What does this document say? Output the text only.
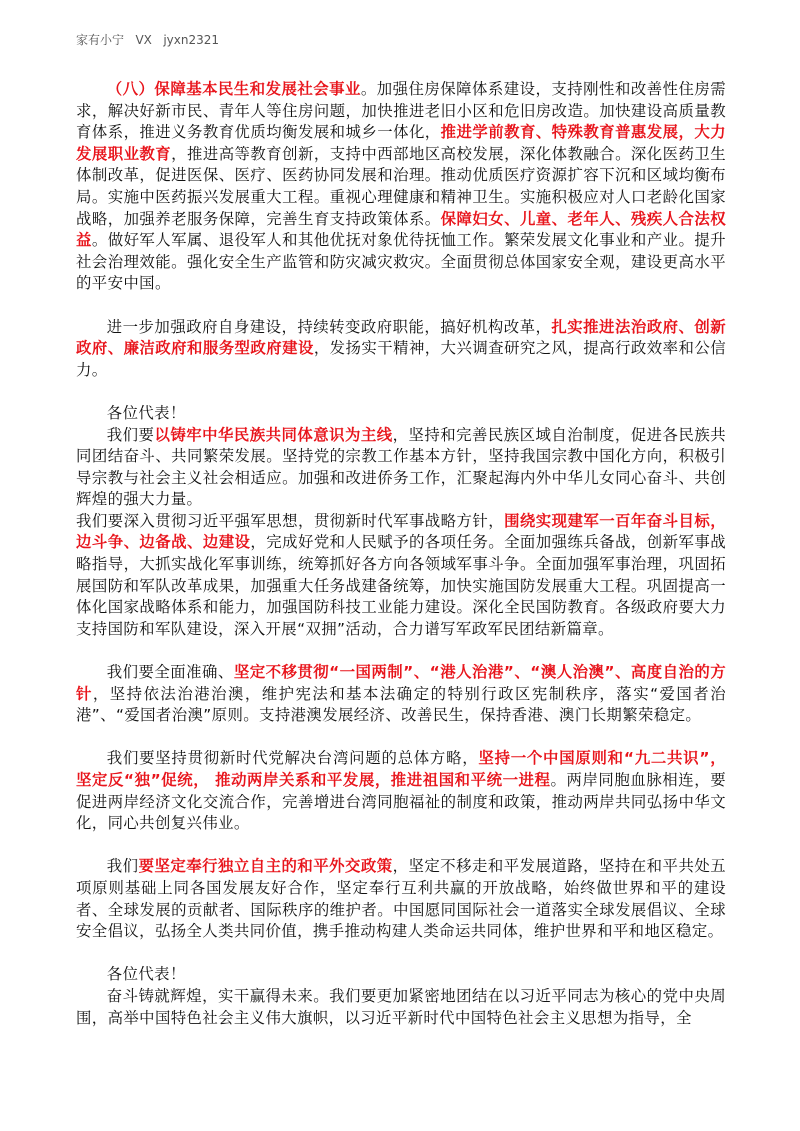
家有小宁   VX   jyxn2321

（八）保障基本民生和发展社会事业。加强住房保障体系建设，支持刚性和改善性住房需求，解决好新市民、青年人等住房问题，加快推进老旧小区和危旧房改造。加快建设高质量教育体系，推进义务教育优质均衡发展和城乡一体化，推进学前教育、特殊教育普惠发展，大力发展职业教育，推进高等教育创新，支持中西部地区高校发展，深化体教融合。深化医药卫生体制改革，促进医保、医疗、医药协同发展和治理。推动优质医疗资源扩容下沉和区域均衡布局。实施中医药振兴发展重大工程。重视心理健康和精神卫生。实施积极应对人口老龄化国家战略，加强养老服务保障，完善生育支持政策体系。保障妇女、儿童、老年人、残疾人合法权益。做好军人军属、退役军人和其他优抚对象优待抚恤工作。繁荣发展文化事业和产业。提升社会治理效能。强化安全生产监管和防灾减灾救灾。全面贯彻总体国家安全观，建设更高水平的平安中国。

进一步加强政府自身建设，持续转变政府职能，搞好机构改革，扎实推进法治政府、创新政府、廉洁政府和服务型政府建设，发扬实干精神，大兴调查研究之风，提高行政效率和公信力。

各位代表！

我们要以铸牢中华民族共同体意识为主线，坚持和完善民族区域自治制度，促进各民族共同团结奋斗、共同繁荣发展。坚持党的宗教工作基本方针，坚持我国宗教中国化方向，积极引导宗教与社会主义社会相适应。加强和改进侨务工作，汇聚起海内外中华儿女同心奋斗、共创辉煌的强大力量。

我们要深入贯彻习近平强军思想，贯彻新时代军事战略方针，围绕实现建军一百年奋斗目标，边斗争、边备战、边建设，完成好党和人民赋予的各项任务。全面加强练兵备战，创新军事战略指导，大抓实战化军事训练，统筹抓好各方向各领域军事斗争。全面加强军事治理，巩固拓展国防和军队改革成果，加强重大任务战建备统筹，加快实施国防发展重大工程。巩固提高一体化国家战略体系和能力，加强国防科技工业能力建设。深化全民国防教育。各级政府要大力支持国防和军队建设，深入开展“双拥”活动，合力谱写军政军民团结新篇章。

我们要全面准确、坚定不移贯彻“一国两制”、“港人治港”、“澳人治澳”、高度自治的方针，坚持依法治港治澳，维护宪法和基本法确定的特别行政区宪制秩序，落实“爱国者治港”、“爱国者治澳”原则。支持港澳发展经济、改善民生，保持香港、澳门长期繁荣稳定。

我们要坚持贯彻新时代党解决台湾问题的总体方略，坚持一个中国原则和“九二共识”，坚定反“独”促统， 推动两岸关系和平发展，推进祖国和平统一进程。两岸同胞血脉相连，要促进两岸经济文化交流合作，完善增进台湾同胞福祉的制度和政策，推动两岸共同弘扬中华文化，同心共创复兴伟业。

我们要坚定奉行独立自主的和平外交政策，坚定不移走和平发展道路，坚持在和平共处五项原则基础上同各国发展友好合作，坚定奉行互利共赢的开放战略，始终做世界和平的建设者、全球发展的贡献者、国际秩序的维护者。中国愿同国际社会一道落实全球发展倡议、全球安全倡议，弘扬全人类共同价值，携手推动构建人类命运共同体，维护世界和平和地区稳定。

各位代表！

奋斗铸就辉煌，实干赢得未来。我们要更加紧密地团结在以习近平同志为核心的党中央周围，高举中国特色社会主义伟大旗帜，以习近平新时代中国特色社会主义思想为指导，全
